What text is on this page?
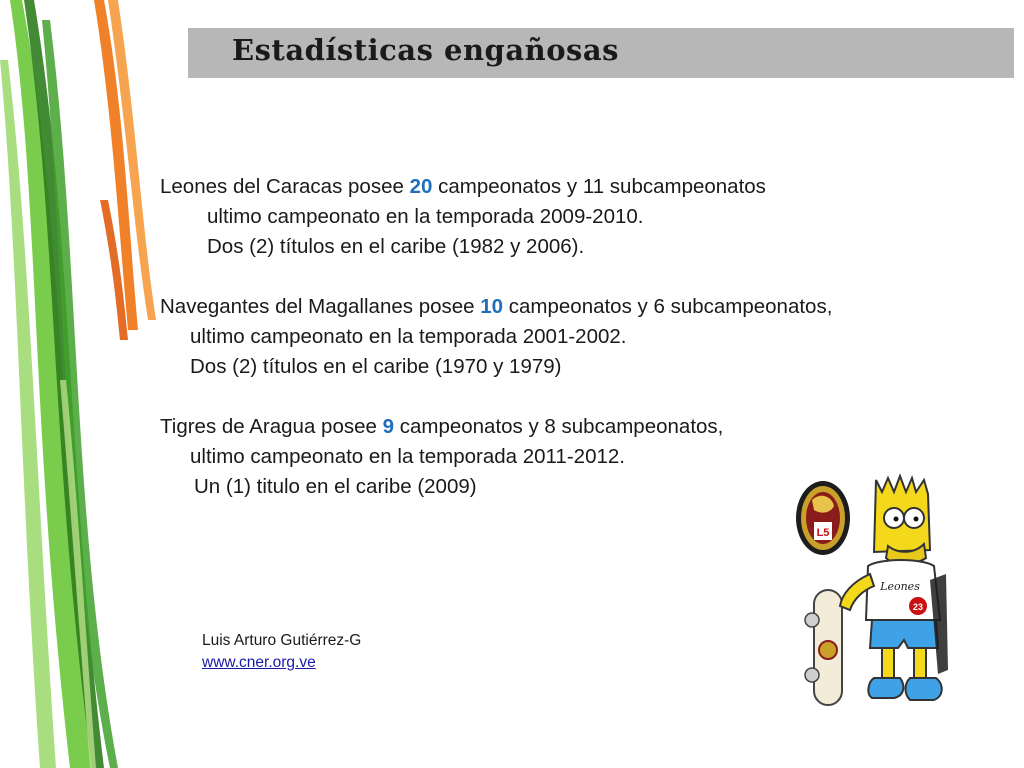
Estadísticas engañosas
Leones del Caracas posee 20 campeonatos y 11 subcampeonatos
ultimo campeonato en la temporada 2009-2010.
Dos (2) títulos en el caribe (1982 y 2006).
Navegantes del Magallanes posee 10 campeonatos y 6 subcampeonatos,
ultimo campeonato en la temporada 2001-2002.
Dos (2) títulos en el caribe (1970 y 1979)
Tigres de Aragua posee 9 campeonatos y 8 subcampeonatos,
ultimo campeonato en la temporada 2011-2012.
Un (1) titulo en el caribe (2009)
Luis Arturo Gutiérrez-G
www.cner.org.ve
L5
Leones
23
